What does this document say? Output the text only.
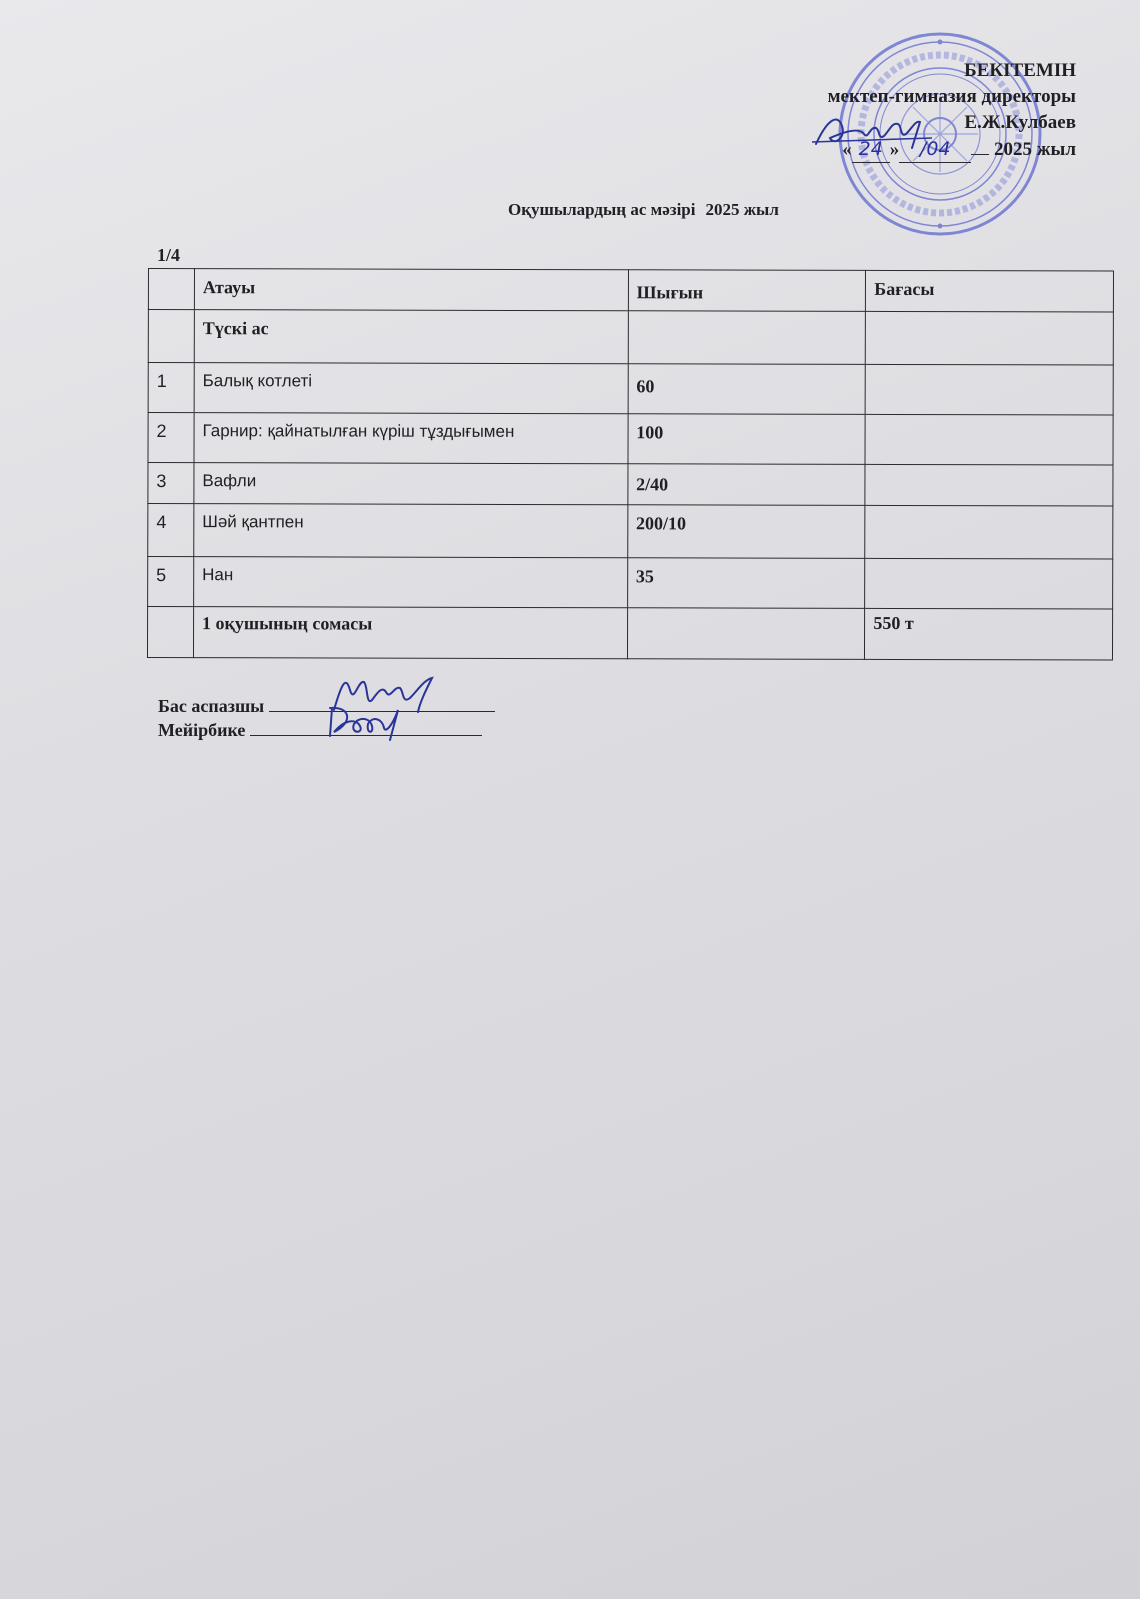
БЕКІТЕМІН
мектеп-гимназия директоры
Е.Ж.Кулбаев
« 24 » /04 2025 жыл
Оқушылардың ас мәзірі 2025 жыл
1/4
	Атауы	Шығын	Бағасы
	Түскі ас		
1	Балық котлеті	60	
2	Гарнир: қайнатылған күріш тұздығымен	100	
3	Вафли	2/40	
4	Шәй қантпен	200/10	
5	Нан	35	
	1 оқушының сомасы		550 т
Бас аспазшы
Мейірбике
